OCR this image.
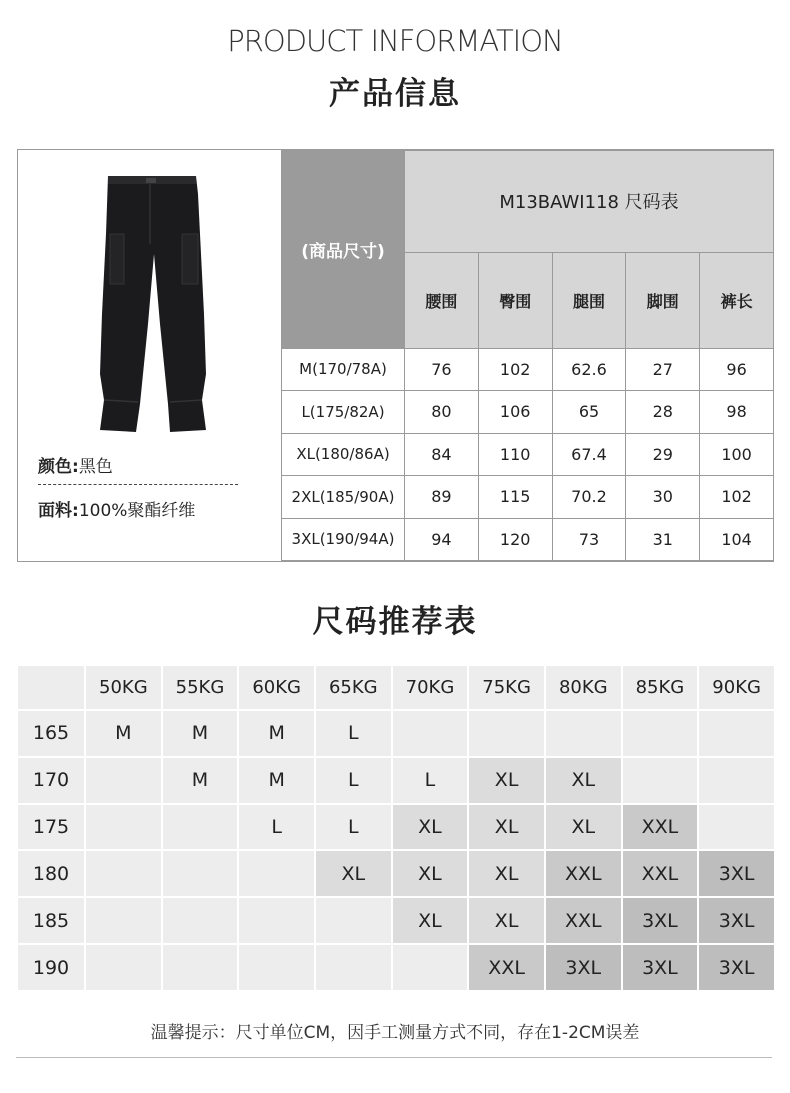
PRODUCT INFORMATION
产品信息
颜色:黑色
面料:100%聚酯纤维
(商品尺寸)	M13BAWI118 尺码表				
	腰围	臀围	腿围	脚围	裤长
M(170/78A)	76	102	62.6	27	96
L(175/82A)	80	106	65	28	98
XL(180/86A)	84	110	67.4	29	100
2XL(185/90A)	89	115	70.2	30	102
3XL(190/94A)	94	120	73	31	104
尺码推荐表
	50KG	55KG	60KG	65KG	70KG	75KG	80KG	85KG	90KG
165	M	M	M	L					
170		M	M	L	L	XL	XL		
175			L	L	XL	XL	XL	XXL	
180				XL	XL	XL	XXL	XXL	3XL
185					XL	XL	XXL	3XL	3XL
190						XXL	3XL	3XL	3XL
温馨提示：尺寸单位CM，因手工测量方式不同，存在1-2CM误差
